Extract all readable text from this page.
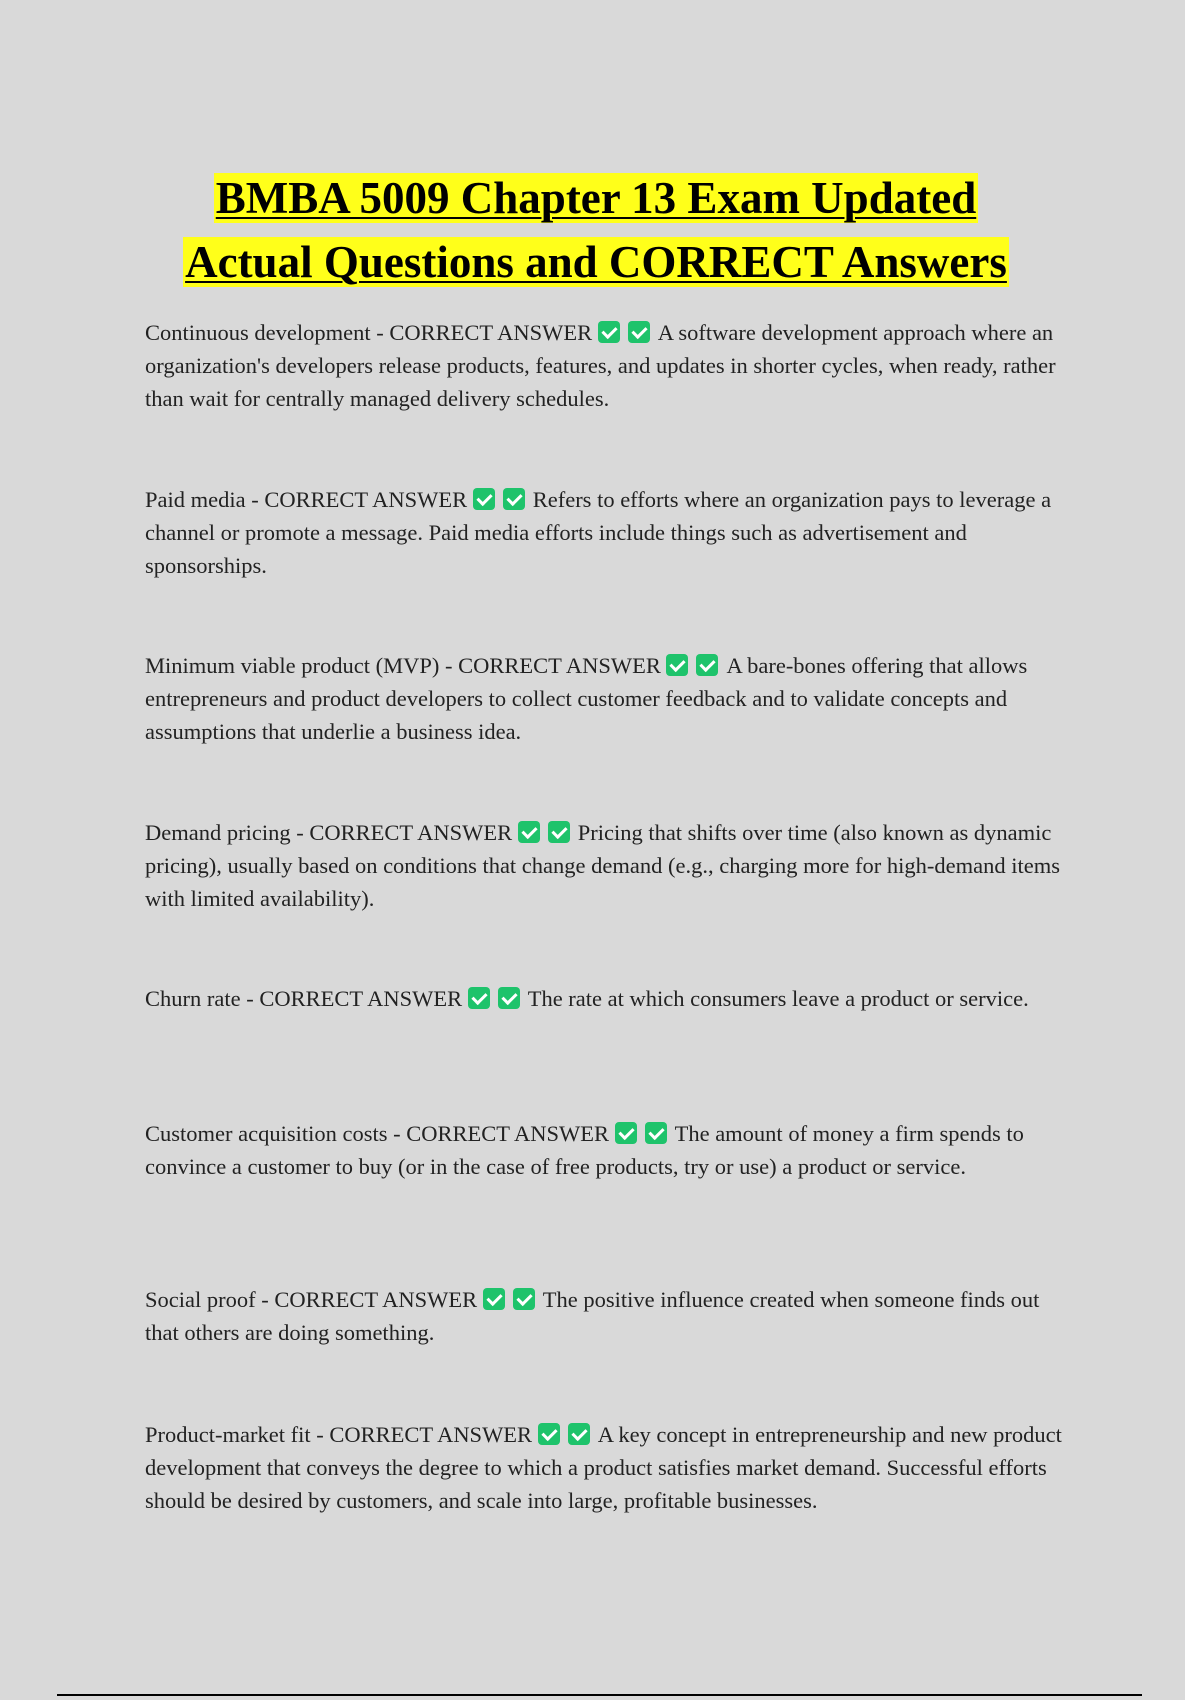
BMBA 5009 Chapter 13 Exam Updated
Actual Questions and CORRECT Answers

Continuous development - CORRECT ANSWER	A software development approach where an organization's developers release products, features, and updates in shorter cycles, when ready, rather than wait for centrally managed delivery schedules.

Paid media - CORRECT ANSWER	Refers to efforts where an organization pays to leverage a channel or promote a message. Paid media efforts include things such as advertisement and sponsorships.

Minimum viable product (MVP) - CORRECT ANSWER	A bare-bones offering that allows entrepreneurs and product developers to collect customer feedback and to validate concepts and assumptions that underlie a business idea.

Demand pricing - CORRECT ANSWER	Pricing that shifts over time (also known as dynamic pricing), usually based on conditions that change demand (e.g., charging more for high-demand items with limited availability).

Churn rate - CORRECT ANSWER	The rate at which consumers leave a product or service.

Customer acquisition costs - CORRECT ANSWER	The amount of money a firm spends to convince a customer to buy (or in the case of free products, try or use) a product or service.

Social proof - CORRECT ANSWER	The positive influence created when someone finds out that others are doing something.

Product-market fit - CORRECT ANSWER	A key concept in entrepreneurship and new product development that conveys the degree to which a product satisfies market demand. Successful efforts should be desired by customers, and scale into large, profitable businesses.
